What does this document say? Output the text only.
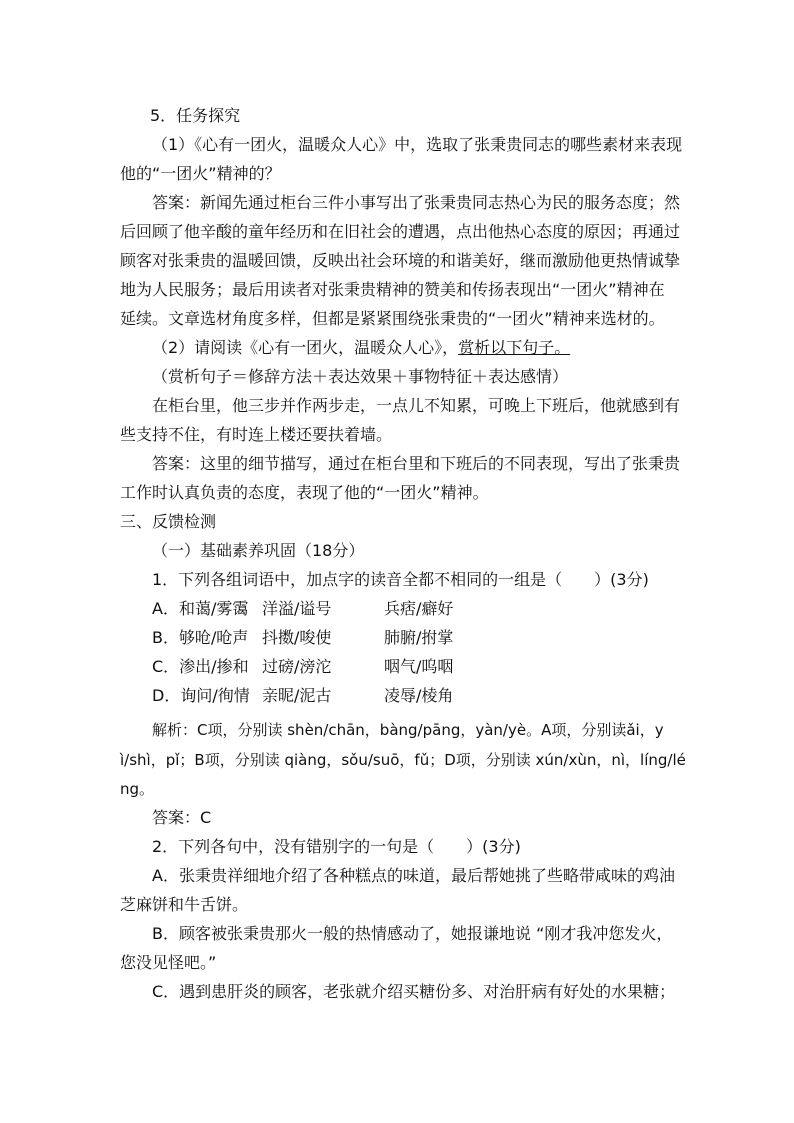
5．任务探究
（1）《心有一团火，温暖众人心》中，选取了张秉贵同志的哪些素材来表现
他的“一团火”精神的？
答案：新闻先通过柜台三件小事写出了张秉贵同志热心为民的服务态度；然
后回顾了他辛酸的童年经历和在旧社会的遭遇，点出他热心态度的原因；再通过
顾客对张秉贵的温暖回馈，反映出社会环境的和谐美好，继而激励他更热情诚挚
地为人民服务；最后用读者对张秉贵精神的赞美和传扬表现出“一团火”精神在
延续。文章选材角度多样，但都是紧紧围绕张秉贵的“一团火”精神来选材的。
（2）请阅读《心有一团火，温暖众人心》，赏析以下句子。
（赏析句子＝修辞方法＋表达效果＋事物特征＋表达感情）
在柜台里，他三步并作两步走，一点儿不知累，可晚上下班后，他就感到有
些支持不住，有时连上楼还要扶着墙。
答案：这里的细节描写，通过在柜台里和下班后的不同表现，写出了张秉贵
工作时认真负责的态度，表现了他的“一团火”精神。
三、反馈检测
（一）基础素养巩固（18分）
1．下列各组词语中，加点字的读音全都不相同的一组是（　　）(3分)
A．和蔼/雾霭 洋溢/谥号	兵痞/癖好
B．够呛/呛声 抖擞/唆使	肺腑/拊掌
C．渗出/掺和 过磅/滂沱	咽气/呜咽
D．询问/徇情 亲昵/泥古	凌辱/棱角
解析：C项，分别读 shèn/chān，bàng/pāng，yàn/yè。A项，分别读ǎi，y
ì/shì，pǐ；B项，分别读 qiàng，sǒu/suō，fǔ；D项，分别读 xún/xùn，nì，líng/lé
ng。
答案：C
2．下列各句中，没有错别字的一句是（　　）(3分)
A．张秉贵祥细地介绍了各种糕点的味道，最后帮她挑了些略带咸味的鸡油
芝麻饼和牛舌饼。
B．顾客被张秉贵那火一般的热情感动了，她报谦地说 “刚才我冲您发火，
您没见怪吧。”
C．遇到患肝炎的顾客，老张就介绍买糖份多、对治肝病有好处的水果糖；
